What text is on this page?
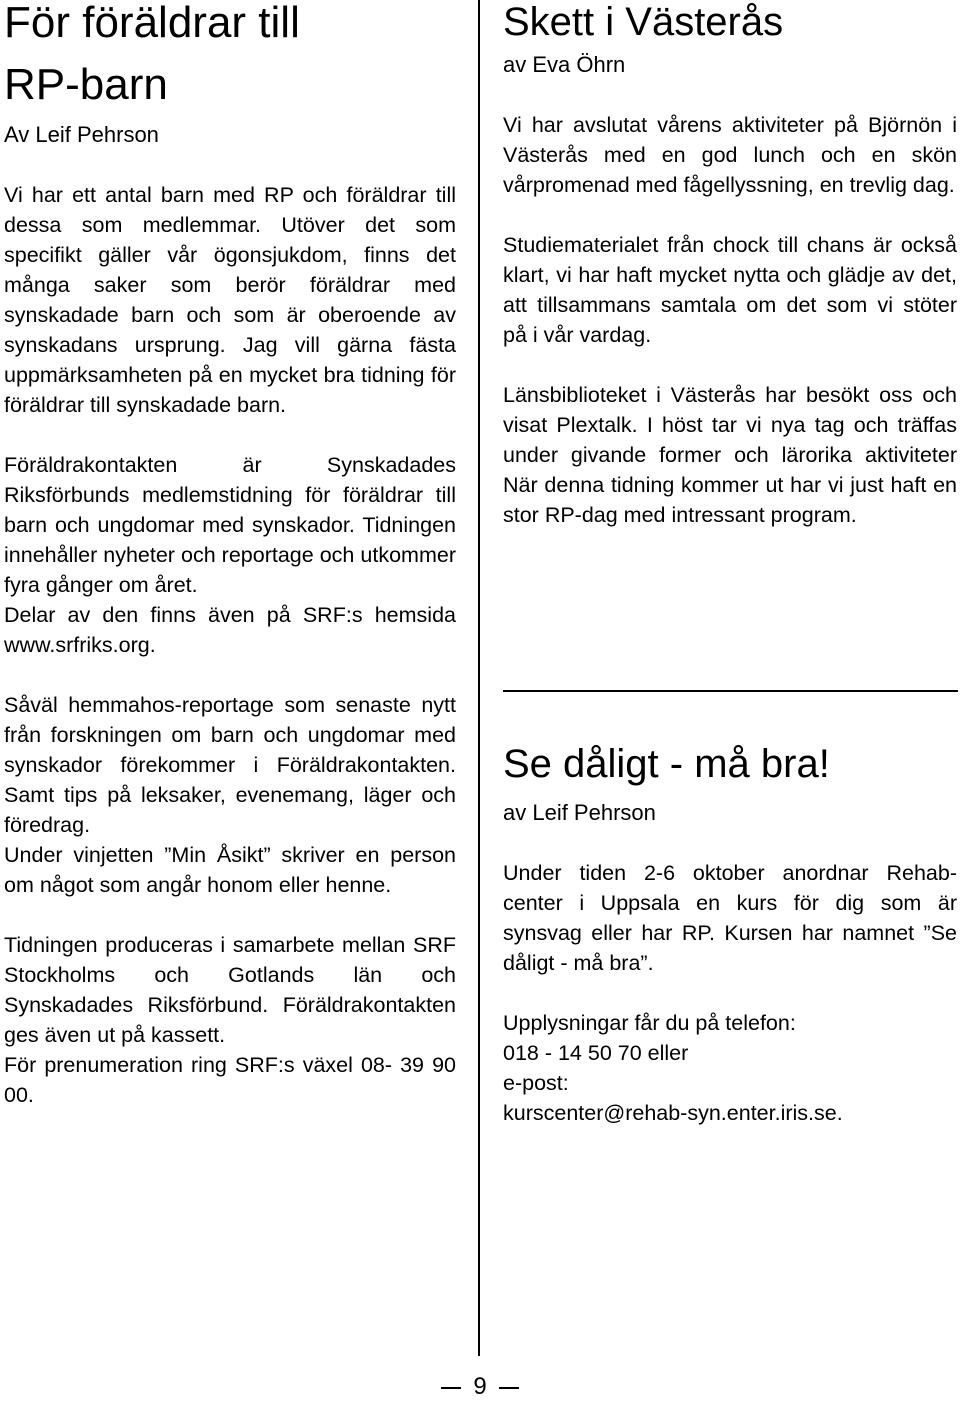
För föräldrar till
RP-barn

Av Leif Pehrson

Vi har ett antal barn med RP och föräldrar till dessa som medlemmar. Utöver det som specifikt gäller vår ögonsjukdom, finns det många saker som berör föräldrar med synskadade barn och som är oberoende av synskadans ursprung. Jag vill gärna fästa uppmärksamheten på en mycket bra tidning för föräldrar till synskadade barn.

Föräldrakontakten är Synskadades Riksförbunds medlemstidning för föräldrar till barn och ungdomar med synskador. Tidningen innehåller nyheter och reportage och utkommer fyra gånger om året.

Delar av den finns även på SRF:s hemsida www.srfriks.org.

Såväl hemmahos-reportage som senaste nytt från forskningen om barn och ungdomar med synskador förekommer i Föräldrakontakten. Samt tips på leksaker, evenemang, läger och föredrag.

Under vinjetten ”Min Åsikt” skriver en person om något som angår honom eller henne.

Tidningen produceras i samarbete mellan SRF Stockholms och Gotlands län och Synskadades Riksförbund. Föräldrakontakten ges även ut på kassett.

För prenumeration ring SRF:s växel 08- 39 90 00.

Skett i Västerås

av Eva Öhrn

Vi har avslutat vårens aktiviteter på Björnön i Västerås med en god lunch och en skön vårpromenad med fågellyssning, en trevlig dag.

Studiematerialet från chock till chans är också klart, vi har haft mycket nytta och glädje av det, att tillsammans samtala om det som vi stöter på i vår vardag.

Länsbiblioteket i Västerås har besökt oss och visat Plextalk. I höst tar vi nya tag och träffas under givande former och lärorika aktiviteter När denna tidning kommer ut har vi just haft en stor RP-dag med intressant program.

Se dåligt - må bra!

av Leif Pehrson

Under tiden 2-6 oktober anordnar Rehab-center i Uppsala en kurs för dig som är synsvag eller har RP. Kursen har namnet ”Se dåligt - må bra”.

Upplysningar får du på telefon:

018 - 14 50 70 eller

e-post:

kurscenter@rehab-syn.enter.iris.se.

9
